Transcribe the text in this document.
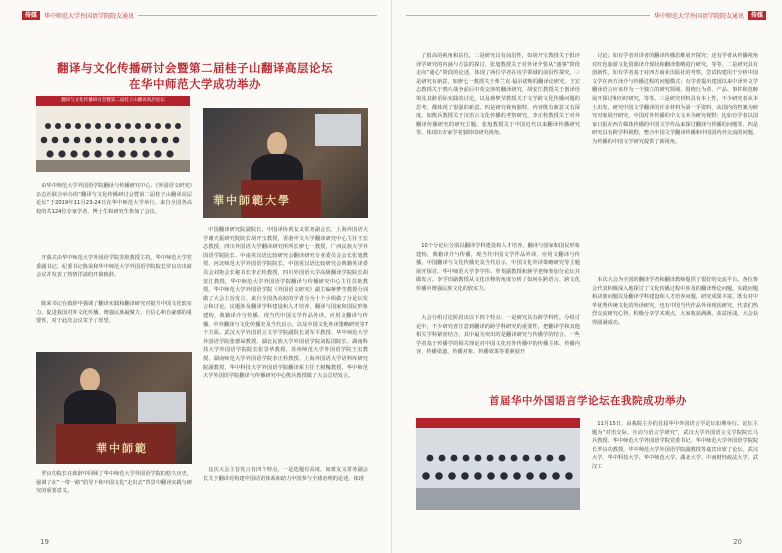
传媒	华中师范大学外国语学院院友通讯
翻译与文化传播研讨会暨第二届桂子山翻译高层论坛
在华中师范大学成功举办
翻译与文化传播研讨会暨第二届桂子山翻译高层论坛
華中師範大學

由华中师范大学外国语学院翻译与传播研究中心、《外国语文研究》杂志社联合举办的“翻译与文化传播研讨会暨第二届桂子山翻译高层论坛”于2019年11月23-24日在华中师范大学举行。来自全国各高校的共124位专家学者、博士生和研究生参加了会议。

开幕式由华中师范大学外国语学院苏艳教授主持，华中师范大学党委副书记、纪委书记陈荣和华中师范大学外国语学院院长罗良功出席会议并发表了热情洋溢的开幕致辞。

陈荣书记在致辞中强调了翻译实践和翻译研究对提升中国文化软实力、促进我国对外文化传播、增强民族凝聚力、自信心和自豪感的重要性，对于此次会议寄予了厚望。

華中師範

罗良功院长在致辞中回顾了华中师范大学外国语学院的悠久历史，强调了在“一带一路”倡导下和中国文化“走出去”背景中翻译实践与研究的重要意义。

中国翻译研究院副院长、中国译协黄友义常务副会长，上海外国语大学谢天振研究院院长胡开宝教授，香港中文大学翻译研究中心主任王宏志教授，四川外国语大学翻译研究所所长廖七一教授，广西民族大学外国语学院院长、中南英汉语比较研究会翻译研究专业委员会会长张旭教授，河北师范大学外国语学院院长，中国英汉语比较研究会典籍英译委员会刘艳会长秘书长李正栓教授，四川外国语大学高级翻译学院院长胡安江教授，华中师范大学外国语学院翻译与传播研究中心主任苏艳教授，华中师范大学外国语学院《外国语文研究》副主编蒋梦莹教授分别做了大会主旨发言。来自全国各高校的学者分为十个小组做了分论坛发言和讨论。议题涉及翻译学科建设和人才培养，翻译与国家和国民形象建构，典籍译介与传播，现当代中国文学作品外译，应用文翻译与传播，中外翻译与文化传播史及当代启示，以及中国文化外译策略研究等7个方面。武汉大学外国语言文学学院副院长刘军平教授、华中师范大学外国语学院张德禄教授、湖北民族大学外国语学院刘振国院长、湖南科技大学外国语学院院长张景华教授、苏州师范大学外国语学院王宏教授、湖南师范大学外国语学院李正栓教授、上海外国语大学语料库研究院副教授，华中科技大学外国语学院翻译系主任王树槐教授，华中师范大学外国语学院翻译与传播研究中心熊兵教授做了大会总结发言。

这次大会主旨发言有四个特点。一是选题有高度，如黄友义常务副会长关于翻译对构建中国话语体系和助力中国参与全球治理的论述，体现

19
华中师范大学外国语学院院友通讯	传媒

了很高的视角和站位。二是研究具有前沿性，如胡开宝教授关于批评译学研究的内涵与方法的探讨，张旭教授关于对外译介要从“通事”阶段走向“通心”阶段的论述，体现了两位学者在该学领域的前沿性探究。三是研究有新意，如廖七一教授关于弗兰克·福尔诺斯的翻译论研究，王宏志教授关于鸦片战争前后中英交涉的翻译研究，胡安江教授关于创译语境及其跨语际实践的讨论，以及蒋梦莹教授关于文学跨文化传播问题的思考，都体现了很强的新意。四是研究视角独特，内容既有新意又有深度。如熊兵教授关于汉语言文化传播的考察研究，李正栓教授关于对外翻译传播研究的研究主题。张旭教授关于中国近代以来翻译传播研究等，体现出专家学者独特的研究视角。

10个分论坛分别以翻译学科建设和人才培养，翻译与国家和国民形象建构，典籍译介与传播，现当代中国文学作品外译，应用文翻译与传播，中国翻译与文化传播史及当代启示，中国文化外译策略研究等主题展开探讨。华中师范大学李学伟、罗斐副教授和蒋学老师参加分论坛并做发言。李学田副教授从文化诠释的角度分析了如何在跨语言、跨文化传播中增强民族文化的软实力。

大会分组讨论阶段出以下四个特点：一是研究具有跨学科性。分组讨论中，不少研究者注意到翻译的跨学科研究的重要性，把翻译学和其他相关学科紧密结合，其中最为突出的是翻译研究与传播学的结合。一些学者基于传播学的相关理论对中国文化对外传播中的传播主体、传播内容、传播渠道、传播对象、传播效果等要素展开

讨论；如有学者对译者的翻译传播思维展开探究；还有学者从传播视角对红色旅游文化资源译介现状和翻译策略进行研究。等等。二是研究具有创新性。如有学者基于对西方商业出版社的考察，尝试构建用于分析中国文学在西方译介与传播过程的问题模式；有学者提出建国以来中译外文学翻译语言应该作为一个独立的研究领域，围绕行为者、产品、事件和范畴展开探讨和历时研究，等等。三是研究材料具有本土性，不少研究者从本土出发，研究中国文学翻译的许多材料为第一手资料，从国内的档案为研究对象展开研究，中国对外传播的中文文本为研究视野；比如有学者以国家日报在西方媒体传播的中国文学作品来探讨翻译与传播的问题等。四是研究具有跨学科视野，整合中国文学翻译传播和中国国内外交流的问题，为传播的中国文学研究提供了新视角。

本次大会为全国的翻译学者和翻译教师提供了很好的交流平台。各位参会代表积极深入地探讨了文化传播过程中涉及的翻译理论问题、实践问题和决策问题以及翻译学科建设和人才培养问题，研究成果丰富，既有对中华优秀传统文化的外译研究，也有中国当代作品外译现状研究，代表们热烈交流研究心得，积极分享学术观点，大家收获满满，获益匪浅，大会获得圆满成功。

首届华中外国语言学论坛在我院成功举办

11月15日，由我院主办的首届华中外国语言学论坛如期举行。论坛主题为“对语交际、互动与语言学研究”，武汉大学外国语言文学院院长马兵教授、华中师范大学外国语学院党委书记、华中师范大学外国语学院院长罗良功教授，华中师范大学外国语学院副教授等嘉宾出席了论坛。武汉大学、华中科技大学、华中师范大学、湖北大学、中南财经政法大学、武汉工

20
